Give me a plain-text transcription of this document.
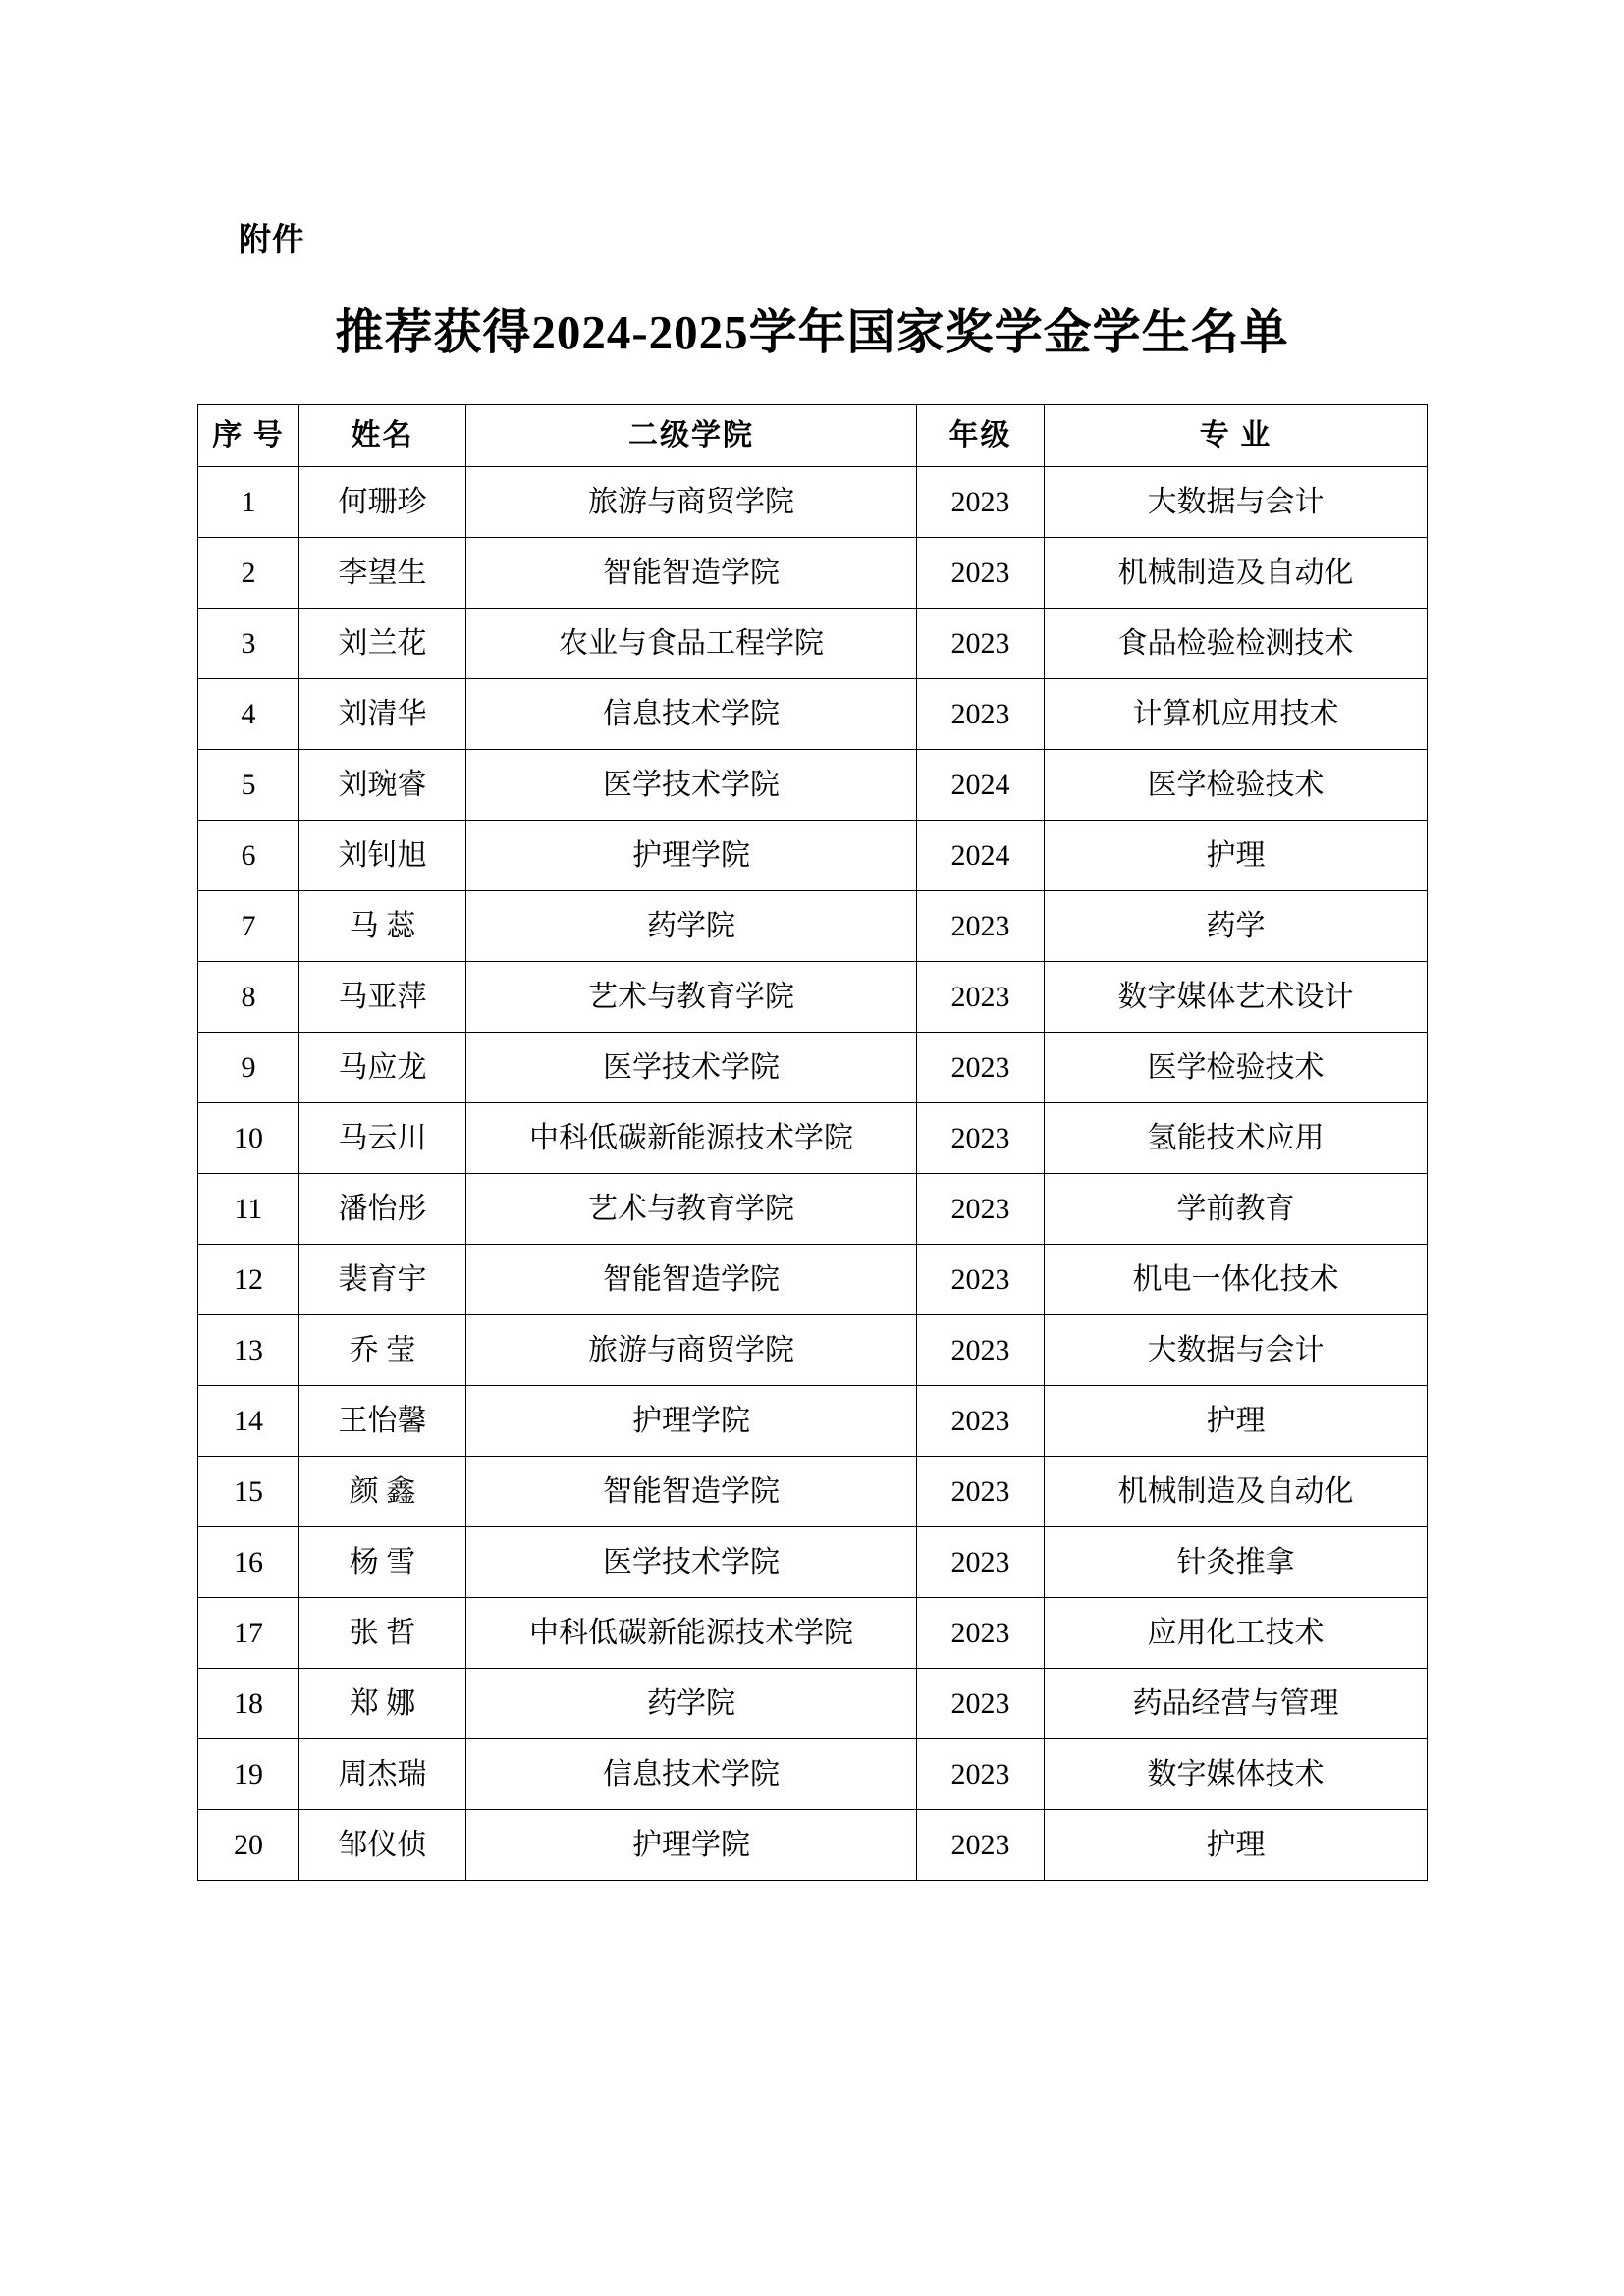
附件
推荐获得2024-2025学年国家奖学金学生名单
序 号	姓名	二级学院	年级	专 业
1	何珊珍	旅游与商贸学院	2023	大数据与会计
2	李望生	智能智造学院	2023	机械制造及自动化
3	刘兰花	农业与食品工程学院	2023	食品检验检测技术
4	刘清华	信息技术学院	2023	计算机应用技术
5	刘琬睿	医学技术学院	2024	医学检验技术
6	刘钊旭	护理学院	2024	护理
7	马 蕊	药学院	2023	药学
8	马亚萍	艺术与教育学院	2023	数字媒体艺术设计
9	马应龙	医学技术学院	2023	医学检验技术
10	马云川	中科低碳新能源技术学院	2023	氢能技术应用
11	潘怡彤	艺术与教育学院	2023	学前教育
12	裴育宇	智能智造学院	2023	机电一体化技术
13	乔 莹	旅游与商贸学院	2023	大数据与会计
14	王怡馨	护理学院	2023	护理
15	颜 鑫	智能智造学院	2023	机械制造及自动化
16	杨 雪	医学技术学院	2023	针灸推拿
17	张 哲	中科低碳新能源技术学院	2023	应用化工技术
18	郑 娜	药学院	2023	药品经营与管理
19	周杰瑞	信息技术学院	2023	数字媒体技术
20	邹仪侦	护理学院	2023	护理
